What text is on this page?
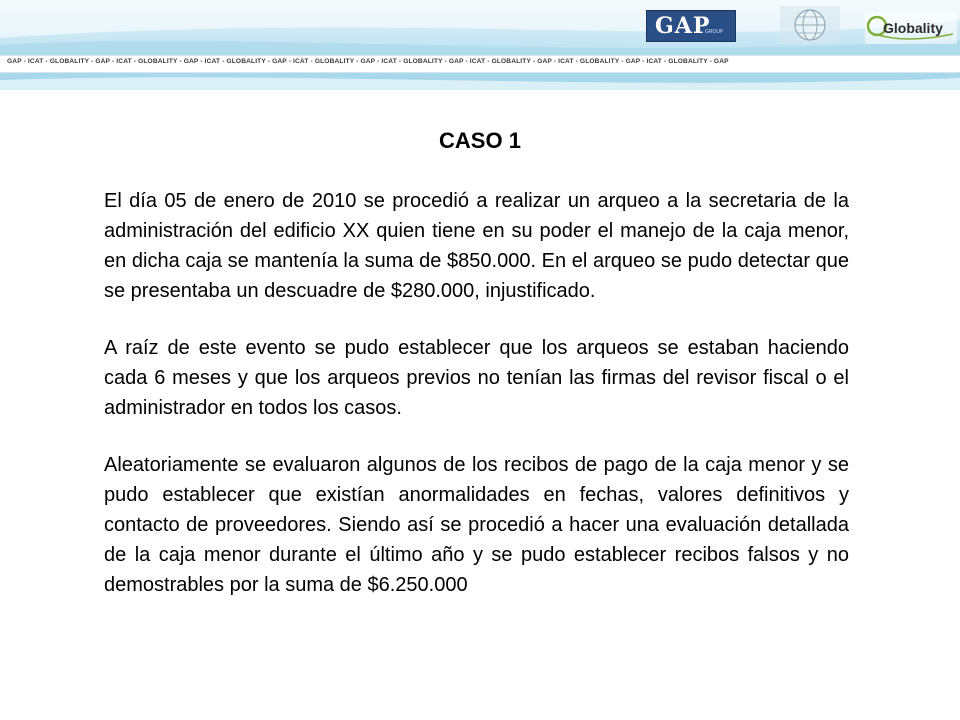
GAP
GROUP	Globality
GAP - ICAT - GLOBALITY - GAP - ICAT - GLOBALITY - GAP - ICAT - GLOBALITY - GAP - ICAT - GLOBALITY - GAP - ICAT - GLOBALITY - GAP - ICAT - GLOBALITY - GAP - ICAT - GLOBALITY - GAP - ICAT - GLOBALITY - GAP
CASO 1

El día 05 de enero de 2010 se procedió a realizar un arqueo a la secretaria de la administración del edificio XX quien tiene en su poder el manejo de la caja menor, en dicha caja se mantenía la suma de $850.000. En el arqueo se pudo detectar que se presentaba un descuadre de $280.000, injustificado.

A raíz de este evento se pudo establecer que los arqueos se estaban haciendo cada 6 meses y que los arqueos previos no tenían las firmas del revisor fiscal o el administrador en todos los casos.

Aleatoriamente se evaluaron algunos de los recibos de pago de la caja menor y se pudo establecer que existían anormalidades en fechas, valores definitivos y contacto de proveedores. Siendo así se procedió a hacer una evaluación detallada de la caja menor durante el último año y se pudo establecer recibos falsos y no demostrables por la suma de $6.250.000
